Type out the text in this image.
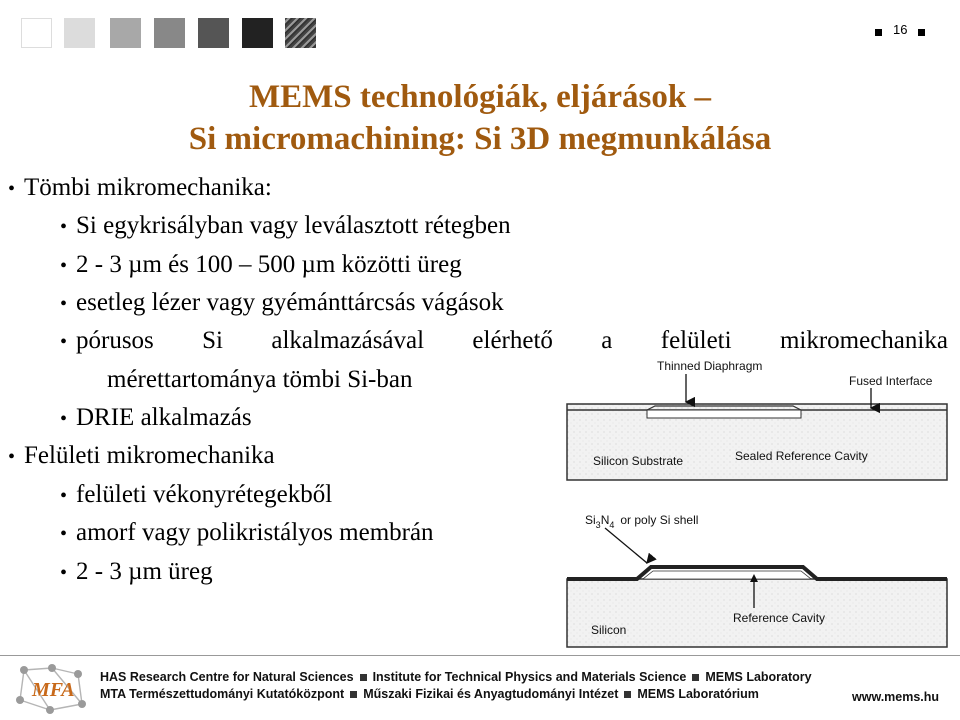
16
MEMS technológiák, eljárások –
Si micromachining: Si 3D megmunkálása
• Tömbi mikromechanika:
• Si egykrisályban vagy leválasztott rétegben
• 2 - 3 µm és 100 – 500 µm közötti üreg
• esetleg lézer vagy gyémánttárcsás vágások
• pórusos Si alkalmazásával elérhető a felületi mikromechanika
mérettartománya tömbi Si-ban
• DRIE alkalmazás
• Felületi mikromechanika
• felületi vékonyrétegekből
• amorf vagy polikristályos membrán
• 2 - 3 µm üreg
Thinned Diaphragm
Fused Interface
Silicon Substrate	Sealed Reference Cavity
$Si_3N_4$ or poly Si shell
Silicon
Reference Cavity
MFA
HAS Research Centre for Natural Sciences Institute for Technical Physics and Materials Science MEMS Laboratory
MTA Természettudományi Kutatóközpont Műszaki Fizikai és Anyagtudományi Intézet MEMS Laboratórium	www.mems.hu
